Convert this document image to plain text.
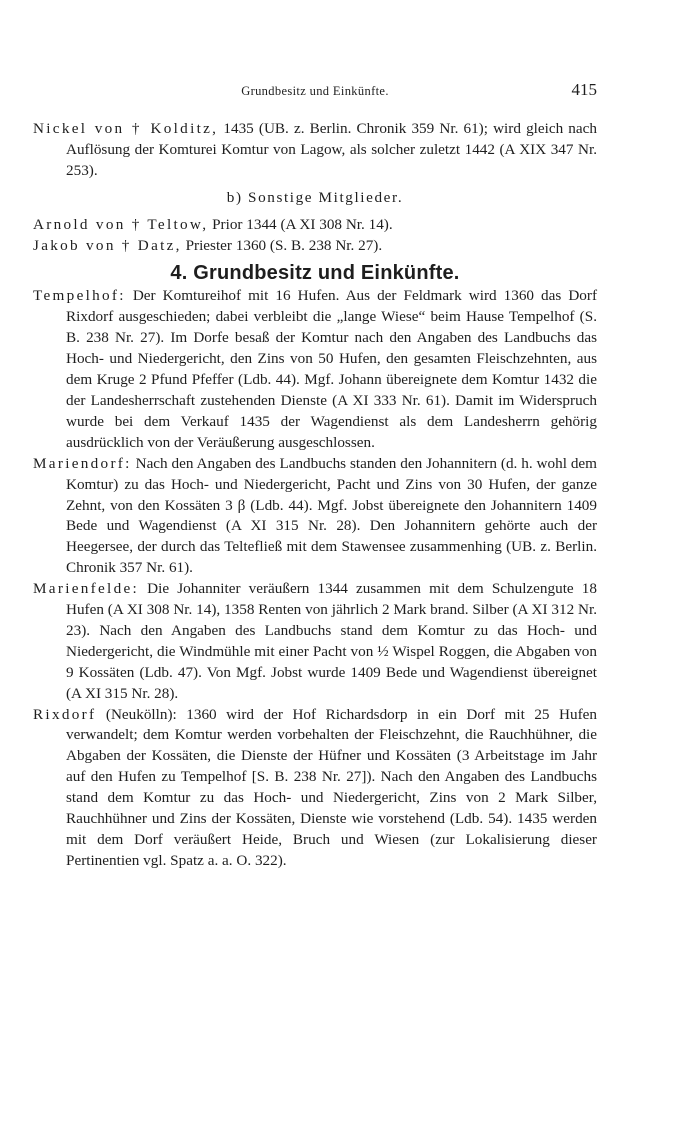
Grundbesitz und Einkünfte.	415

Nickel von † Kolditz, 1435 (UB. z. Berlin. Chronik 359 Nr. 61); wird gleich nach Auflösung der Komturei Komtur von Lagow, als solcher zuletzt 1442 (A XIX 347 Nr. 253).

b) Sonstige Mitglieder.

Arnold von † Teltow, Prior 1344 (A XI 308 Nr. 14).

Jakob von † Datz, Priester 1360 (S. B. 238 Nr. 27).

4. Grundbesitz und Einkünfte.

Tempelhof: Der Komtureihof mit 16 Hufen. Aus der Feldmark wird 1360 das Dorf Rixdorf ausgeschieden; dabei verbleibt die „lange Wiese“ beim Hause Tempelhof (S. B. 238 Nr. 27). Im Dorfe besaß der Komtur nach den Angaben des Landbuchs das Hoch- und Niedergericht, den Zins von 50 Hufen, den gesamten Fleischzehnten, aus dem Kruge 2 Pfund Pfeffer (Ldb. 44). Mgf. Johann übereignete dem Komtur 1432 die der Landesherrschaft zustehenden Dienste (A XI 333 Nr. 61). Damit im Widerspruch wurde bei dem Verkauf 1435 der Wagendienst als dem Landesherrn gehörig ausdrücklich von der Veräußerung ausgeschlossen.

Mariendorf: Nach den Angaben des Landbuchs standen den Johannitern (d. h. wohl dem Komtur) zu das Hoch- und Niedergericht, Pacht und Zins von 30 Hufen, der ganze Zehnt, von den Kossäten 3 β (Ldb. 44). Mgf. Jobst übereignete den Johannitern 1409 Bede und Wagendienst (A XI 315 Nr. 28). Den Johannitern gehörte auch der Heegersee, der durch das Teltefließ mit dem Stawensee zusammenhing (UB. z. Berlin. Chronik 357 Nr. 61).

Marienfelde: Die Johanniter veräußern 1344 zusammen mit dem Schulzengute 18 Hufen (A XI 308 Nr. 14), 1358 Renten von jährlich 2 Mark brand. Silber (A XI 312 Nr. 23). Nach den Angaben des Landbuchs stand dem Komtur zu das Hoch- und Niedergericht, die Windmühle mit einer Pacht von ½ Wispel Roggen, die Abgaben von 9 Kossäten (Ldb. 47). Von Mgf. Jobst wurde 1409 Bede und Wagendienst übereignet (A XI 315 Nr. 28).

Rixdorf (Neukölln): 1360 wird der Hof Richardsdorp in ein Dorf mit 25 Hufen verwandelt; dem Komtur werden vorbehalten der Fleischzehnt, die Rauchhühner, die Abgaben der Kossäten, die Dienste der Hüfner und Kossäten (3 Arbeitstage im Jahr auf den Hufen zu Tempelhof [S. B. 238 Nr. 27]). Nach den Angaben des Landbuchs stand dem Komtur zu das Hoch- und Niedergericht, Zins von 2 Mark Silber, Rauchhühner und Zins der Kossäten, Dienste wie vorstehend (Ldb. 54). 1435 werden mit dem Dorf veräußert Heide, Bruch und Wiesen (zur Lokalisierung dieser Pertinentien vgl. Spatz a. a. O. 322).
